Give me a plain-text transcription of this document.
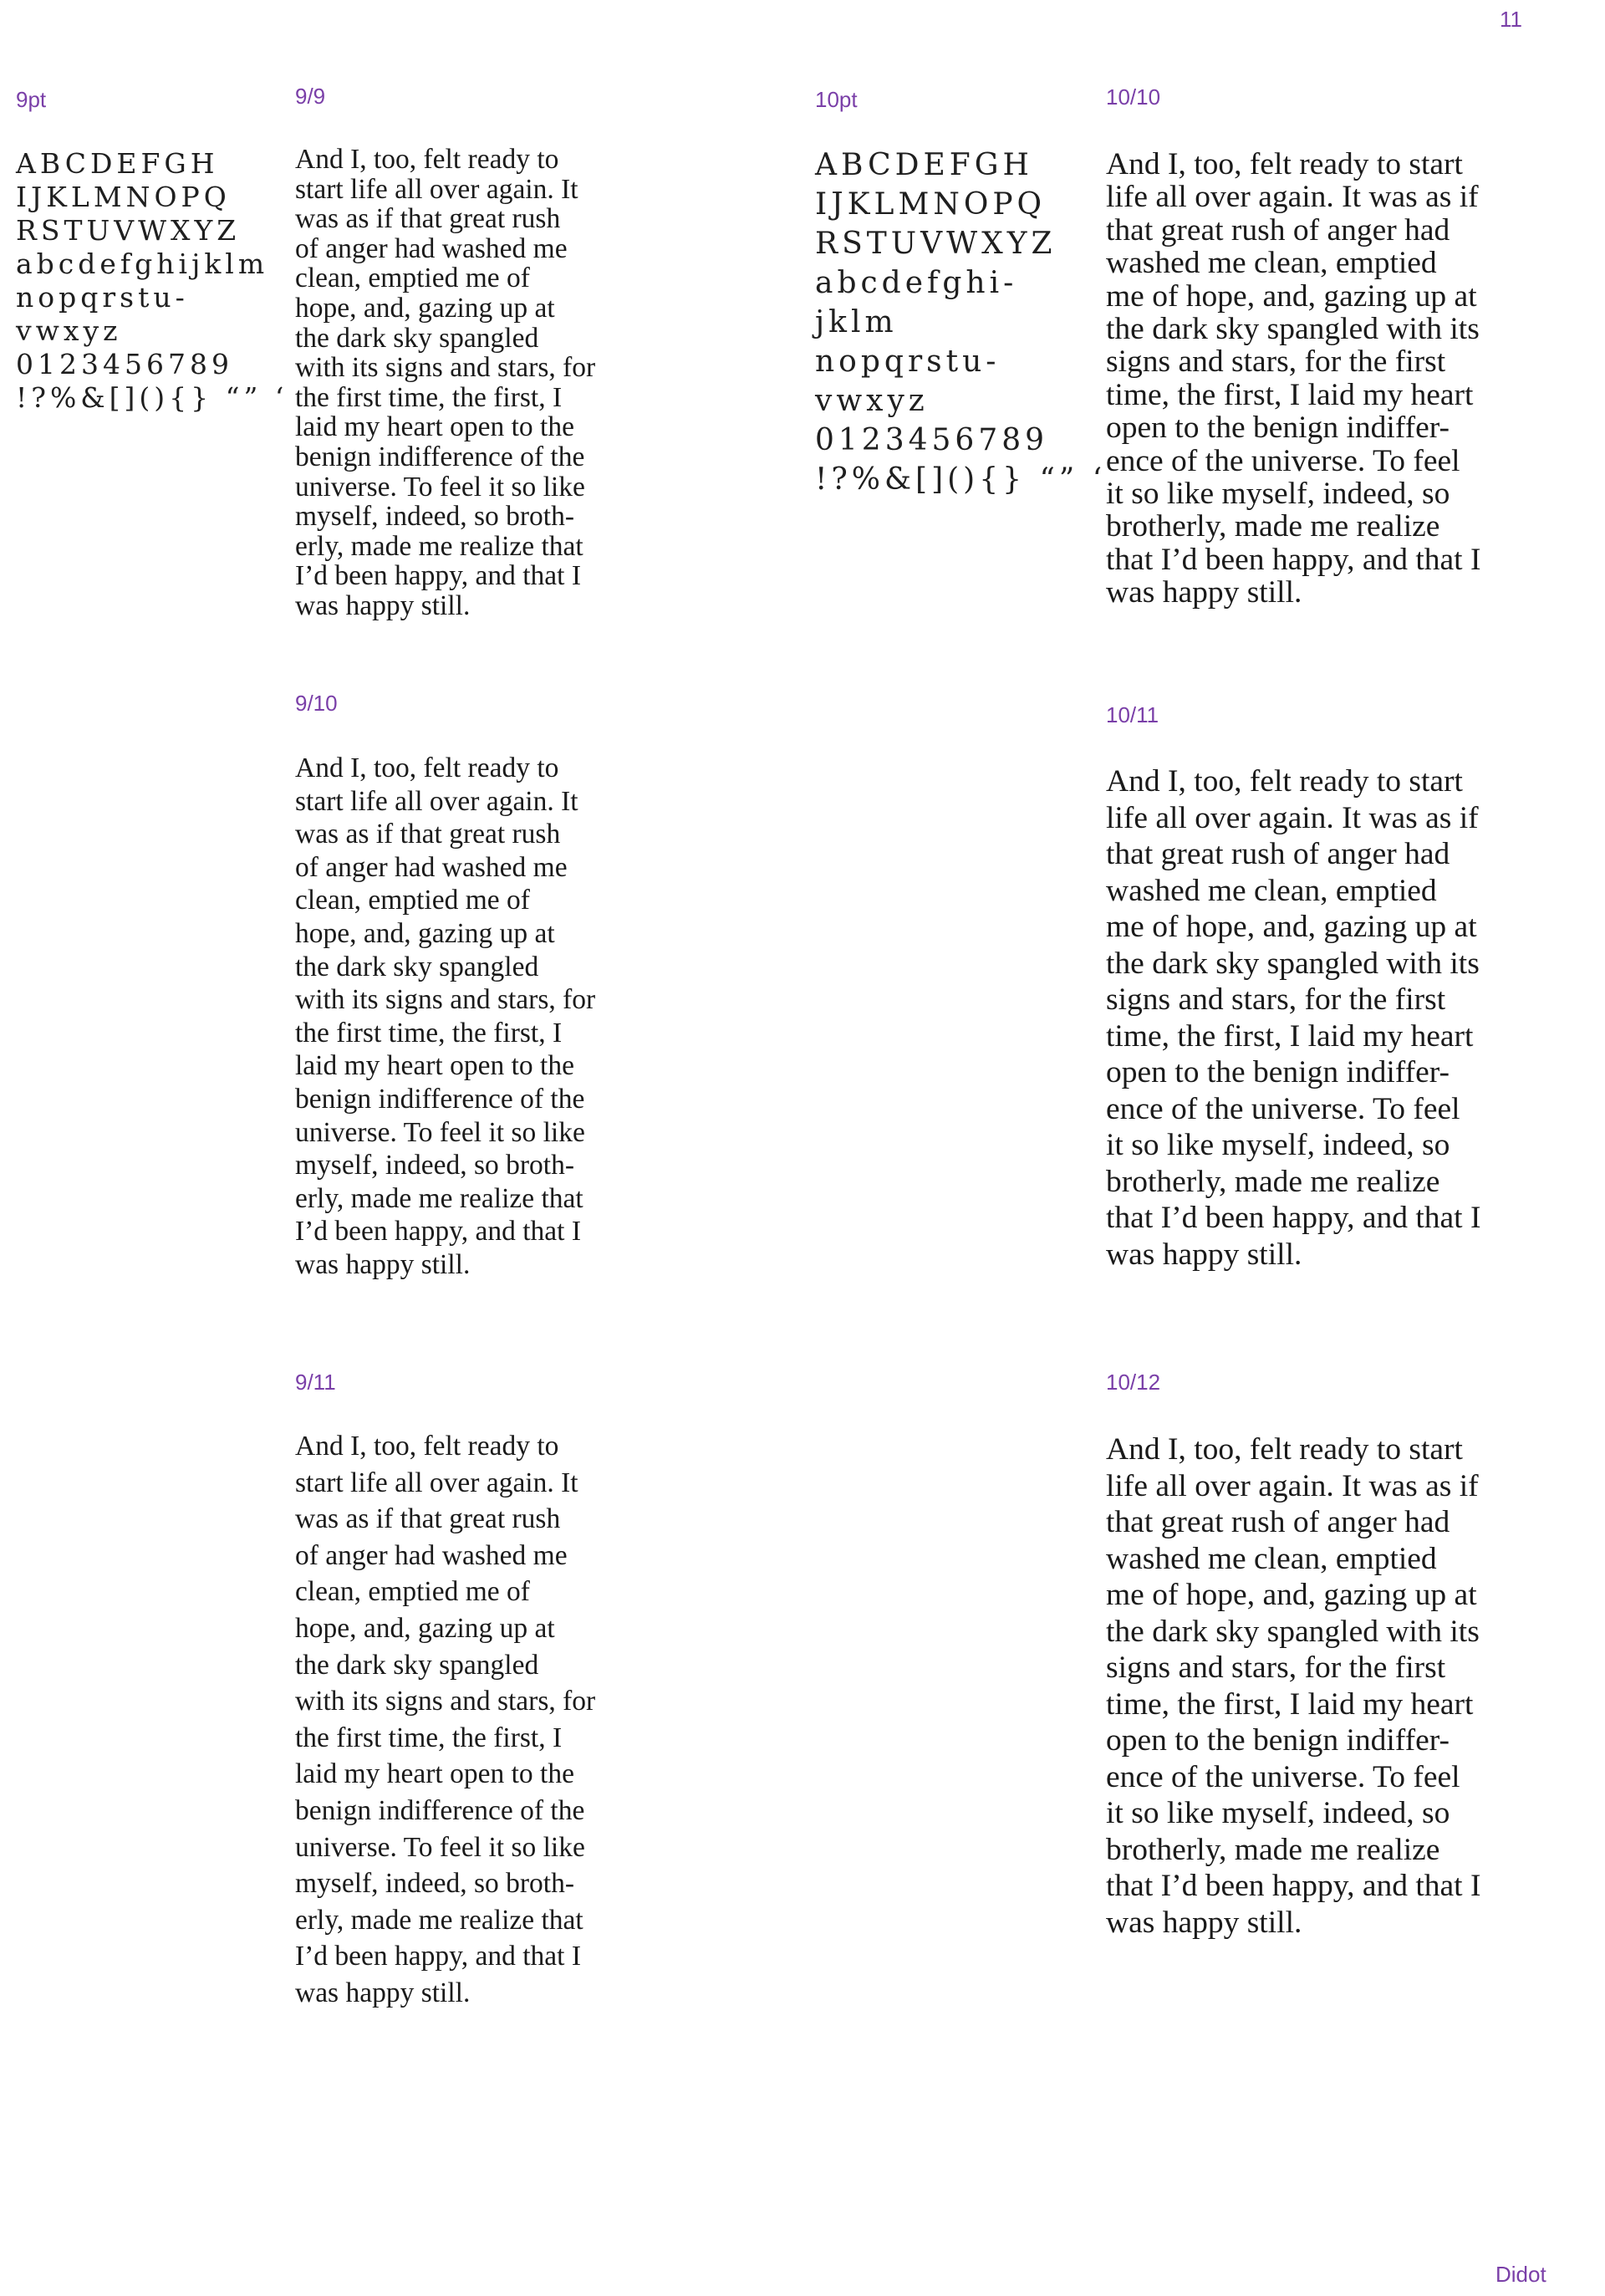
11
9pt
ABCDEFGH
IJKLMNOPQ
RSTUVWXYZ
abcdefghijklm
nopqrstu-
vwxyz
0123456789
!?%&[](){} “” ‘
9/9
And I, too, felt ready to
start life all over again. It
was as if that great rush
of anger had washed me
clean, emptied me of
hope, and, gazing up at
the dark sky spangled
with its signs and stars, for
the first time, the first, I
laid my heart open to the
benign indifference of the
universe. To feel it so like
myself, indeed, so broth-
erly, made me realize that
I’d been happy, and that I
was happy still.
10pt
ABCDEFGH
IJKLMNOPQ
RSTUVWXYZ
abcdefghi-
jklm
nopqrstu-
vwxyz
0123456789
!?%&[](){} “” ‘
10/10
And I, too, felt ready to start
life all over again. It was as if
that great rush of anger had
washed me clean, emptied
me of hope, and, gazing up at
the dark sky spangled with its
signs and stars, for the first
time, the first, I laid my heart
open to the benign indiffer-
ence of the universe. To feel
it so like myself, indeed, so
brotherly, made me realize
that I’d been happy, and that I
was happy still.
9/10
And I, too, felt ready to
start life all over again. It
was as if that great rush
of anger had washed me
clean, emptied me of
hope, and, gazing up at
the dark sky spangled
with its signs and stars, for
the first time, the first, I
laid my heart open to the
benign indifference of the
universe. To feel it so like
myself, indeed, so broth-
erly, made me realize that
I’d been happy, and that I
was happy still.
10/11
And I, too, felt ready to start
life all over again. It was as if
that great rush of anger had
washed me clean, emptied
me of hope, and, gazing up at
the dark sky spangled with its
signs and stars, for the first
time, the first, I laid my heart
open to the benign indiffer-
ence of the universe. To feel
it so like myself, indeed, so
brotherly, made me realize
that I’d been happy, and that I
was happy still.
9/11
And I, too, felt ready to
start life all over again. It
was as if that great rush
of anger had washed me
clean, emptied me of
hope, and, gazing up at
the dark sky spangled
with its signs and stars, for
the first time, the first, I
laid my heart open to the
benign indifference of the
universe. To feel it so like
myself, indeed, so broth-
erly, made me realize that
I’d been happy, and that I
was happy still.
10/12
And I, too, felt ready to start
life all over again. It was as if
that great rush of anger had
washed me clean, emptied
me of hope, and, gazing up at
the dark sky spangled with its
signs and stars, for the first
time, the first, I laid my heart
open to the benign indiffer-
ence of the universe. To feel
it so like myself, indeed, so
brotherly, made me realize
that I’d been happy, and that I
was happy still.
Didot
